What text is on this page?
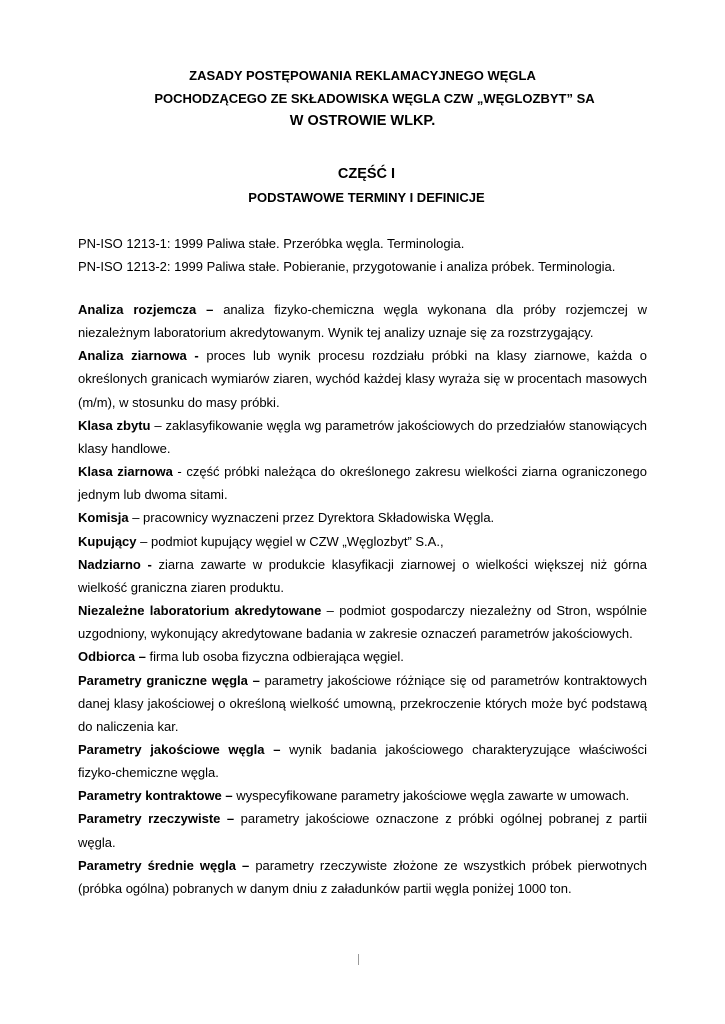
ZASADY POSTĘPOWANIA REKLAMACYJNEGO WĘGLA
POCHODZĄCEGO ZE SKŁADOWISKA WĘGLA CZW „WĘGLOZBYT” SA
W OSTROWIE WLKP.
CZĘŚĆ I
PODSTAWOWE TERMINY I DEFINICJE
PN-ISO 1213-1: 1999 Paliwa stałe. Przeróbka węgla. Terminologia.
PN-ISO 1213-2: 1999 Paliwa stałe. Pobieranie, przygotowanie i analiza próbek. Terminologia.

Analiza rozjemcza – analiza fizyko-chemiczna węgla wykonana dla próby rozjemczej w niezależnym laboratorium akredytowanym. Wynik tej analizy uznaje się za rozstrzygający.

Analiza ziarnowa - proces lub wynik procesu rozdziału próbki na klasy ziarnowe, każda o określonych granicach wymiarów ziaren, wychód każdej klasy wyraża się w procentach masowych (m/m), w stosunku do masy próbki.

Klasa zbytu – zaklasyfikowanie węgla wg parametrów jakościowych do przedziałów stanowiących klasy handlowe.

Klasa ziarnowa - część próbki należąca do określonego zakresu wielkości ziarna ograniczonego jednym lub dwoma sitami.

Komisja – pracownicy wyznaczeni przez Dyrektora Składowiska Węgla.

Kupujący – podmiot kupujący węgiel w CZW „Węglozbyt” S.A.,

Nadziarno - ziarna zawarte w produkcie klasyfikacji ziarnowej o wielkości większej niż górna wielkość graniczna ziaren produktu.

Niezależne laboratorium akredytowane – podmiot gospodarczy niezależny od Stron, wspólnie uzgodniony, wykonujący akredytowane badania w zakresie oznaczeń parametrów jakościowych.

Odbiorca – firma lub osoba fizyczna odbierająca węgiel.

Parametry graniczne węgla – parametry jakościowe różniące się od parametrów kontraktowych danej klasy jakościowej o określoną wielkość umowną, przekroczenie których może być podstawą do naliczenia kar.

Parametry jakościowe węgla – wynik badania jakościowego charakteryzujące właściwości fizyko-chemiczne węgla.

Parametry kontraktowe – wyspecyfikowane parametry jakościowe węgla zawarte w umowach.

Parametry rzeczywiste – parametry jakościowe oznaczone z próbki ogólnej pobranej z partii węgla.

Parametry średnie węgla – parametry rzeczywiste złożone ze wszystkich próbek pierwotnych (próbka ogólna) pobranych w danym dniu z załadunków partii węgla poniżej 1000 ton.
